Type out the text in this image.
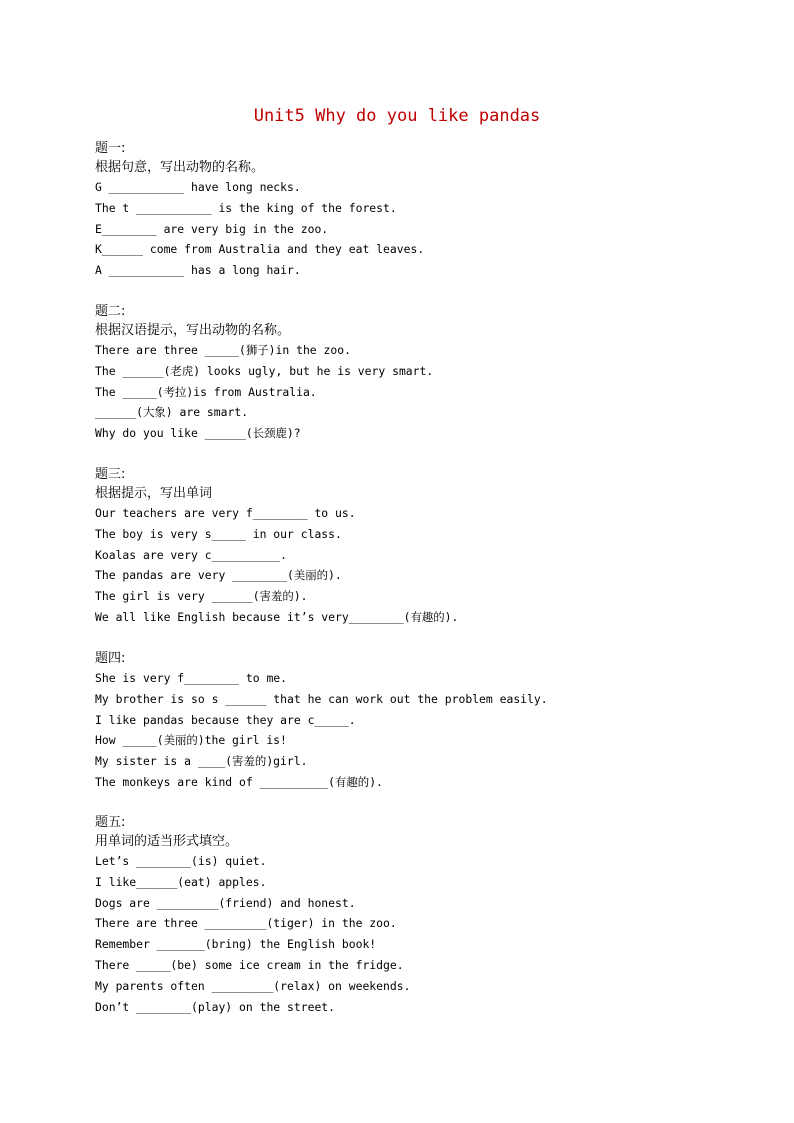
Unit5 Why do you like pandas
题一:
根据句意，写出动物的名称。
G ___________ have long necks.
The t ___________ is the king of the forest.
E________ are very big in the zoo.
K______ come from Australia and they eat leaves.
A ___________ has a long hair.
题二:
根据汉语提示，写出动物的名称。
There are three _____(狮子)in the zoo.
The ______(老虎) looks ugly, but he is very smart.
The _____(考拉)is from Australia.
______(大象) are smart.
Why do you like ______(长颈鹿)?
题三:
根据提示，写出单词
Our teachers are very f________ to us.
The boy is very s_____ in our class.
Koalas are very c__________.
The pandas are very ________(美丽的).
The girl is very ______(害羞的).
We all like English because it’s very________(有趣的).
题四:
She is very f________ to me.
My brother is so s ______ that he can work out the problem easily.
I like pandas because they are c_____.
How _____(美丽的)the girl is!
My sister is a ____(害羞的)girl.
The monkeys are kind of __________(有趣的).
题五:
用单词的适当形式填空。
Let’s ________(is) quiet.
I like______(eat) apples.
Dogs are _________(friend) and honest.
There are three _________(tiger) in the zoo.
Remember _______(bring) the English book!
There _____(be) some ice cream in the fridge.
My parents often _________(relax) on weekends.
Don’t ________(play) on the street.
